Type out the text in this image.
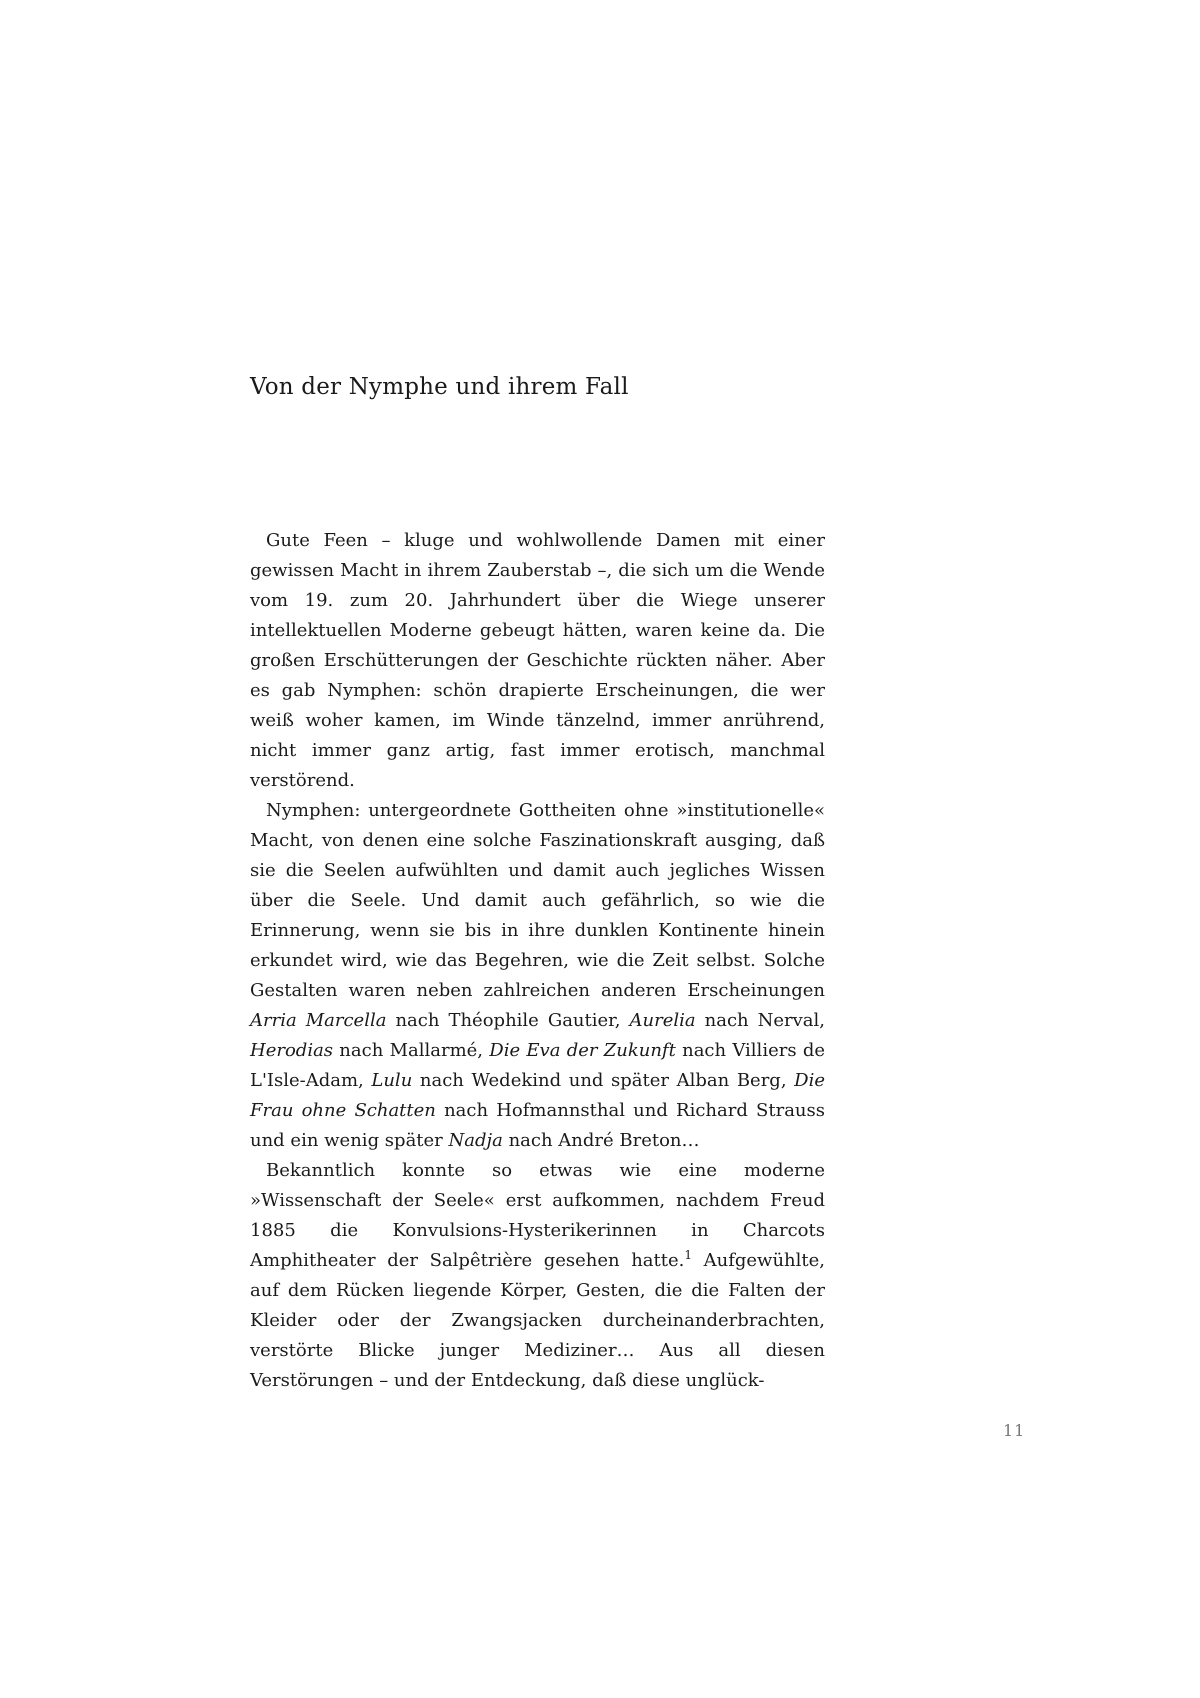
Von der Nymphe und ihrem Fall

Gute Feen – kluge und wohlwollende Damen mit einer gewissen Macht in ihrem Zauberstab –, die sich um die Wende vom 19. zum 20. Jahrhundert über die Wiege unserer intellektuellen Moderne gebeugt hätten, waren keine da. Die großen Erschütterungen der Geschichte rückten näher. Aber es gab Nymphen: schön drapierte Erscheinungen, die wer weiß woher kamen, im Winde tänzelnd, immer anrührend, nicht immer ganz artig, fast immer erotisch, manchmal verstörend.

Nymphen: untergeordnete Gottheiten ohne »institutionelle« Macht, von denen eine solche Faszinationskraft ausging, daß sie die Seelen aufwühlten und damit auch jegliches Wissen über die Seele. Und damit auch gefährlich, so wie die Erinnerung, wenn sie bis in ihre dunklen Kontinente hinein erkundet wird, wie das Begehren, wie die Zeit selbst. Solche Gestalten waren neben zahlreichen anderen Erscheinungen Arria Marcella nach Théophile Gautier, Aurelia nach Nerval, Herodias nach Mallarmé, Die Eva der Zukunft nach Villiers de L'Isle-Adam, Lulu nach Wedekind und später Alban Berg, Die Frau ohne Schatten nach Hofmannsthal und Richard Strauss und ein wenig später Nadja nach André Breton…

Bekanntlich konnte so etwas wie eine moderne »Wissenschaft der Seele« erst aufkommen, nachdem Freud 1885 die Konvulsions-Hysterikerinnen in Charcots Amphitheater der Salpêtrière gesehen hatte.$^1$ Aufgewühlte, auf dem Rücken liegende Körper, Gesten, die die Falten der Kleider oder der Zwangsjacken durcheinanderbrachten, verstörte Blicke junger Mediziner… Aus all diesen Verstörungen – und der Entdeckung, daß diese unglück-

11
